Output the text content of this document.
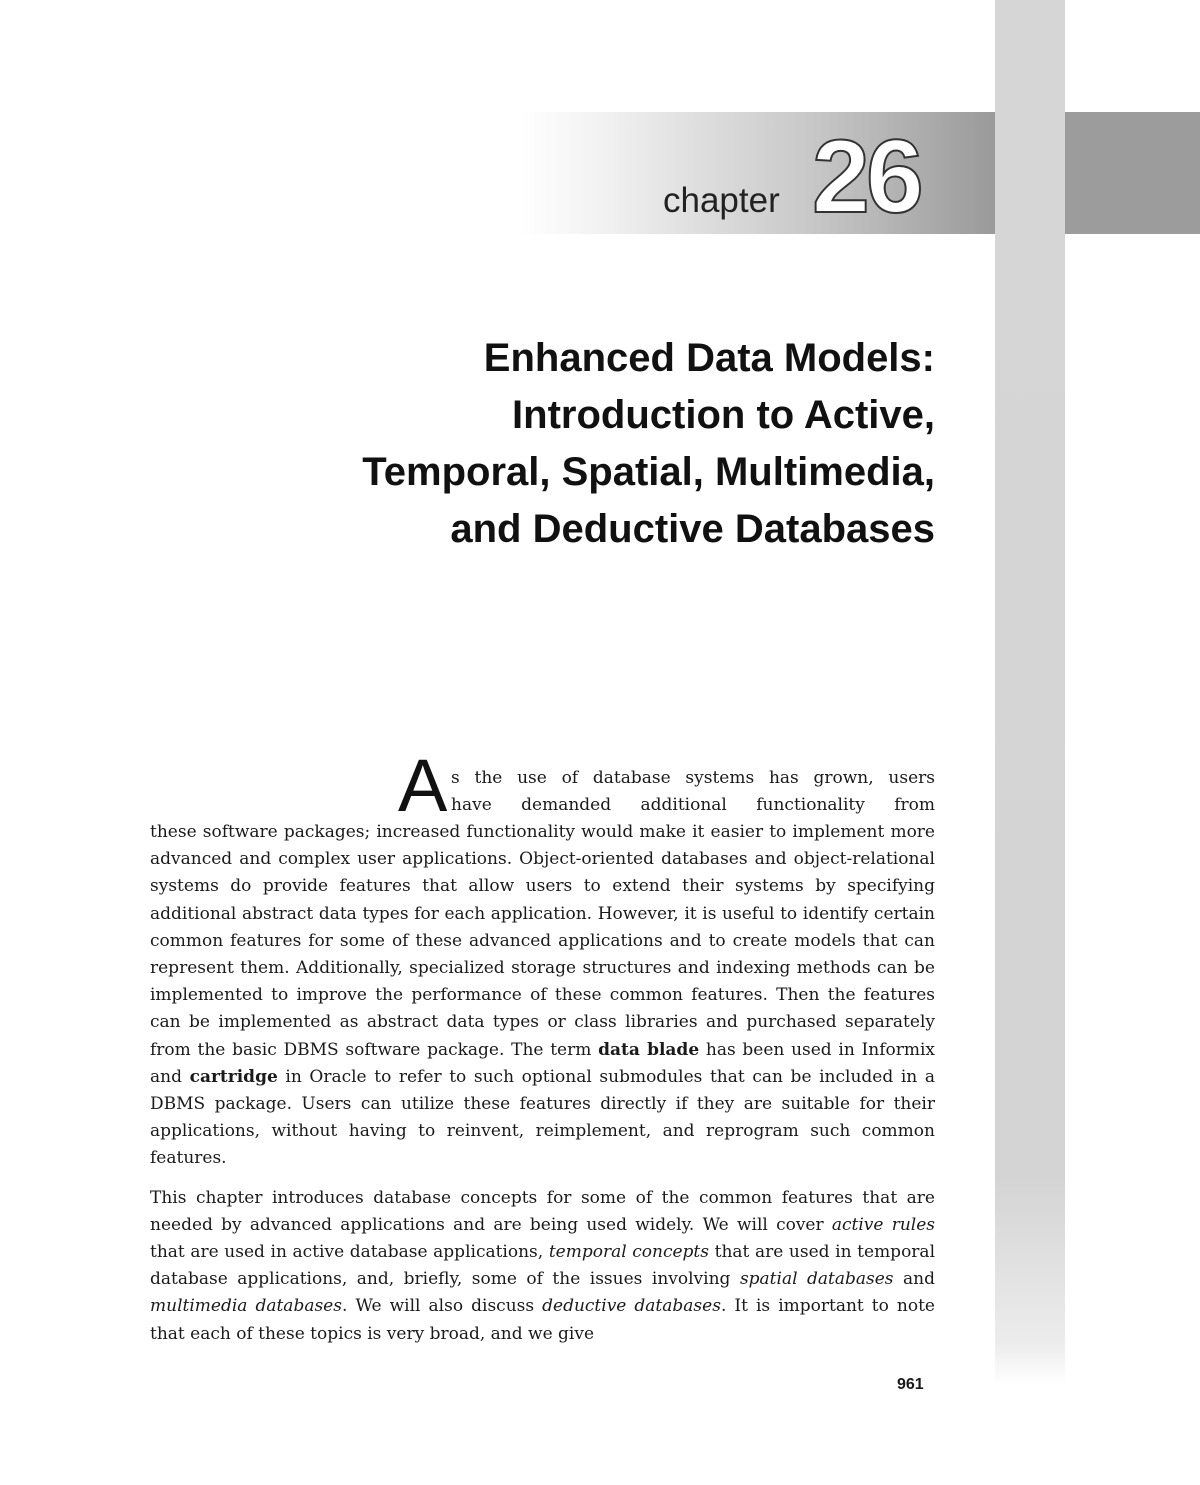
chapter 26
Enhanced Data Models:
Introduction to Active,
Temporal, Spatial, Multimedia,
and Deductive Databases
A s the use of database systems has grown, users
have demanded additional functionality from

these software packages; increased functionality would make it easier to implement more advanced and complex user applications. Object-oriented databases and object-relational systems do provide features that allow users to extend their systems by specifying additional abstract data types for each application. However, it is useful to identify certain common features for some of these advanced applications and to create models that can represent them. Additionally, specialized storage structures and indexing methods can be implemented to improve the performance of these common features. Then the features can be implemented as abstract data types or class libraries and purchased separately from the basic DBMS software package. The term data blade has been used in Informix and cartridge in Oracle to refer to such optional submodules that can be included in a DBMS package. Users can utilize these features directly if they are suitable for their applications, without having to reinvent, reimplement, and reprogram such common features.

This chapter introduces database concepts for some of the common features that are needed by advanced applications and are being used widely. We will cover active rules that are used in active database applications, temporal concepts that are used in temporal database applications, and, briefly, some of the issues involving spatial databases and multimedia databases. We will also discuss deductive databases. It is important to note that each of these topics is very broad, and we give

961
